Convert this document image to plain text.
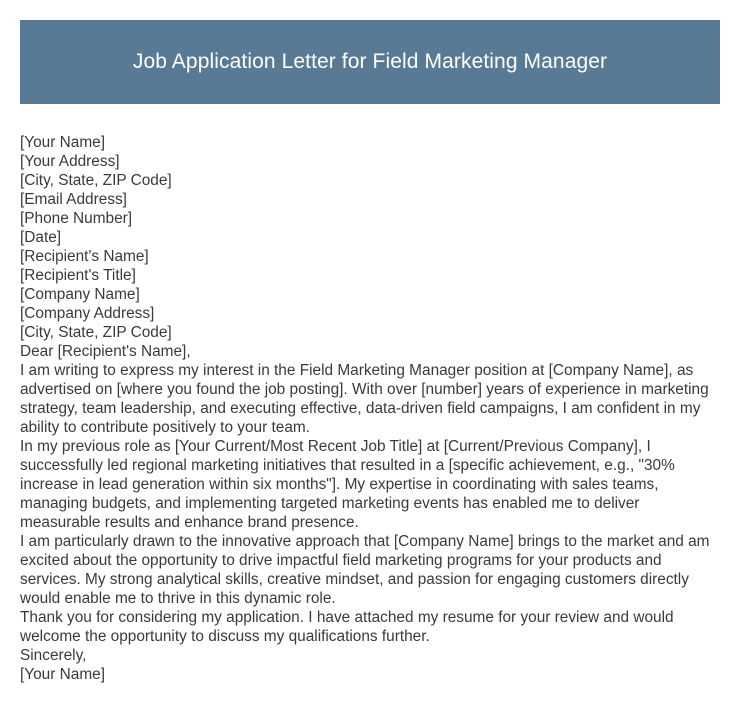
Job Application Letter for Field Marketing Manager

[Your Name]

[Your Address]

[City, State, ZIP Code]

[Email Address]

[Phone Number]

[Date]

[Recipient's Name]

[Recipient's Title]

[Company Name]

[Company Address]

[City, State, ZIP Code]

Dear [Recipient's Name],

I am writing to express my interest in the Field Marketing Manager position at [Company Name], as advertised on [where you found the job posting]. With over [number] years of experience in marketing strategy, team leadership, and executing effective, data-driven field campaigns, I am confident in my ability to contribute positively to your team.

In my previous role as [Your Current/Most Recent Job Title] at [Current/Previous Company], I successfully led regional marketing initiatives that resulted in a [specific achievement, e.g., "30% increase in lead generation within six months"]. My expertise in coordinating with sales teams, managing budgets, and implementing targeted marketing events has enabled me to deliver measurable results and enhance brand presence.

I am particularly drawn to the innovative approach that [Company Name] brings to the market and am excited about the opportunity to drive impactful field marketing programs for your products and services. My strong analytical skills, creative mindset, and passion for engaging customers directly would enable me to thrive in this dynamic role.

Thank you for considering my application. I have attached my resume for your review and would welcome the opportunity to discuss my qualifications further.

Sincerely,

[Your Name]
